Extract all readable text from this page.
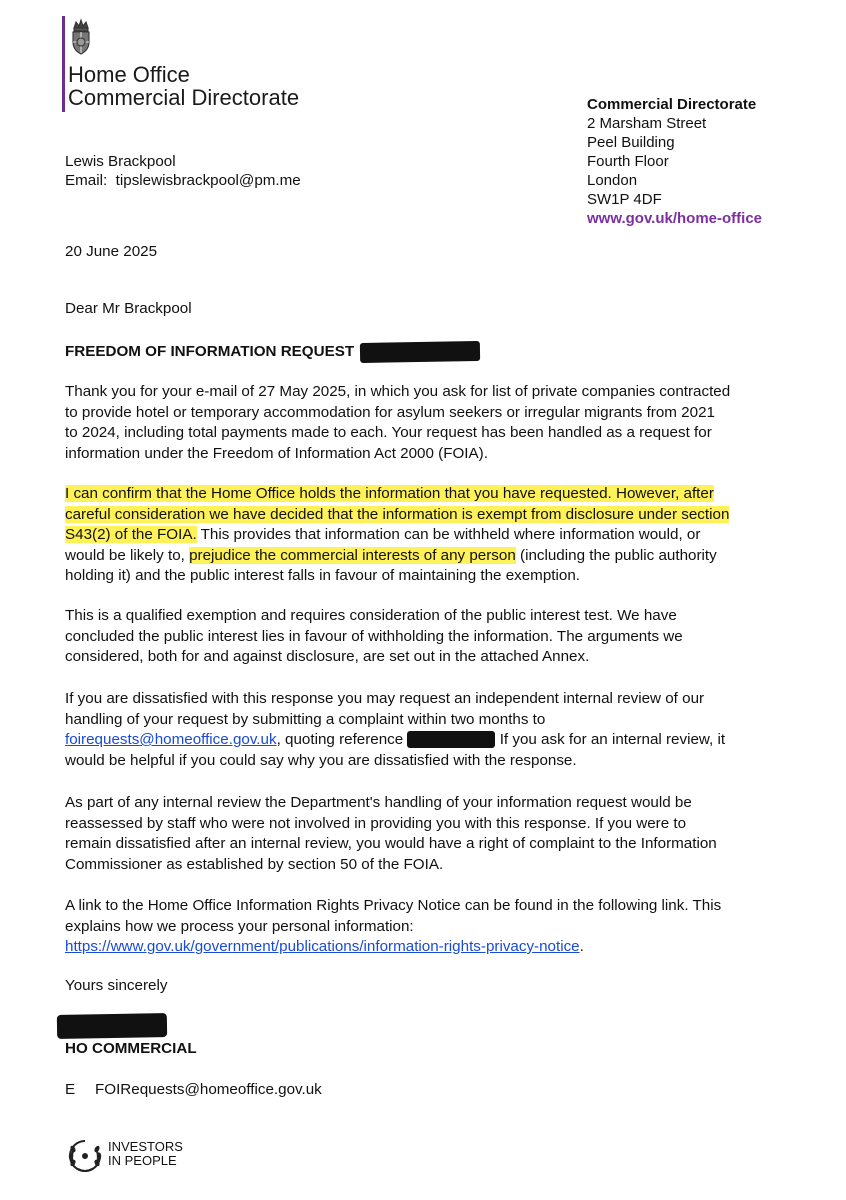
Home Office
Commercial Directorate	Commercial Directorate
2 Marsham Street
Peel Building
Fourth Floor
London
SW1P 4DF
www.gov.uk/home-office
Lewis Brackpool
Email: tipslewisbrackpool@pm.me
20 June 2025
Dear Mr Brackpool
FREEDOM OF INFORMATION REQUEST
Thank you for your e-mail of 27 May 2025, in which you ask for list of private companies contracted
to provide hotel or temporary accommodation for asylum seekers or irregular migrants from 2021
to 2024, including total payments made to each. Your request has been handled as a request for
information under the Freedom of Information Act 2000 (FOIA).
I can confirm that the Home Office holds the information that you have requested. However, after
careful consideration we have decided that the information is exempt from disclosure under section
S43(2) of the FOIA. This provides that information can be withheld where information would, or
would be likely to, prejudice the commercial interests of any person (including the public authority
holding it) and the public interest falls in favour of maintaining the exemption.
This is a qualified exemption and requires consideration of the public interest test. We have
concluded the public interest lies in favour of withholding the information. The arguments we
considered, both for and against disclosure, are set out in the attached Annex.
If you are dissatisfied with this response you may request an independent internal review of our
handling of your request by submitting a complaint within two months to
foirequests@homeoffice.gov.uk, quoting reference	If you ask for an internal review, it
would be helpful if you could say why you are dissatisfied with the response.
As part of any internal review the Department's handling of your information request would be
reassessed by staff who were not involved in providing you with this response. If you were to
remain dissatisfied after an internal review, you would have a right of complaint to the Information
Commissioner as established by section 50 of the FOIA.
A link to the Home Office Information Rights Privacy Notice can be found in the following link. This
explains how we process your personal information:
https://www.gov.uk/government/publications/information-rights-privacy-notice.
Yours sincerely
HO COMMERCIAL
E FOIRequests@homeoffice.gov.uk
INVESTORS
IN PEOPLE
